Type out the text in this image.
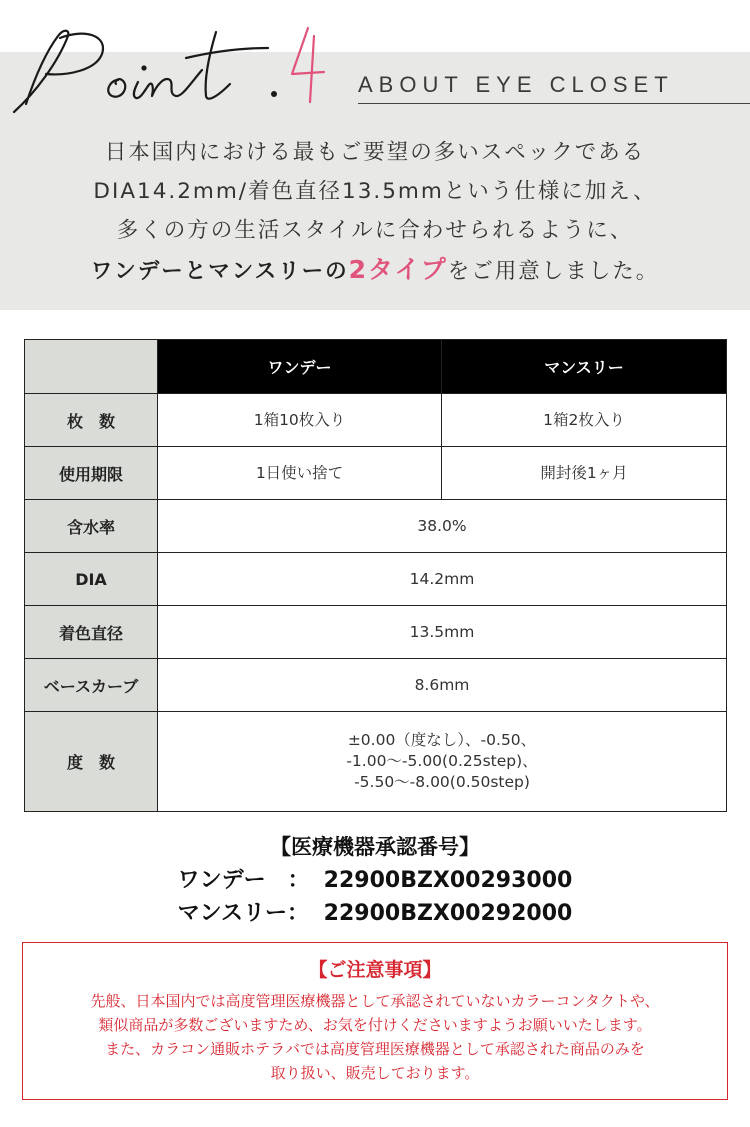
ABOUT EYE CLOSET
日本国内における最もご要望の多いスペックである
DIA14.2mm/着色直径13.5mmという仕様に加え、
多くの方の生活スタイルに合わせられるように、
ワンデーとマンスリーの2タイプをご用意しました。
	ワンデー	マンスリー
枚　数	1箱10枚入り	1箱2枚入り
使用期限	1日使い捨て	開封後1ヶ月
含水率	38.0%	
DIA	14.2mm	
着色直径	13.5mm	
ベースカーブ	8.6mm	
度　数	±0.00（度なし）、-0.50、
-1.00〜-5.00(0.25step)、
-5.50〜-8.00(0.50step)	
【医療機器承認番号】
ワンデー　： 22900BZX00293000
マンスリー： 22900BZX00292000
【ご注意事項】
先般、日本国内では高度管理医療機器として承認されていないカラーコンタクトや、
類似商品が多数ございますため、お気を付けくださいますようお願いいたします。
また、カラコン通販ホテラバでは高度管理医療機器として承認された商品のみを
取り扱い、販売しております。
